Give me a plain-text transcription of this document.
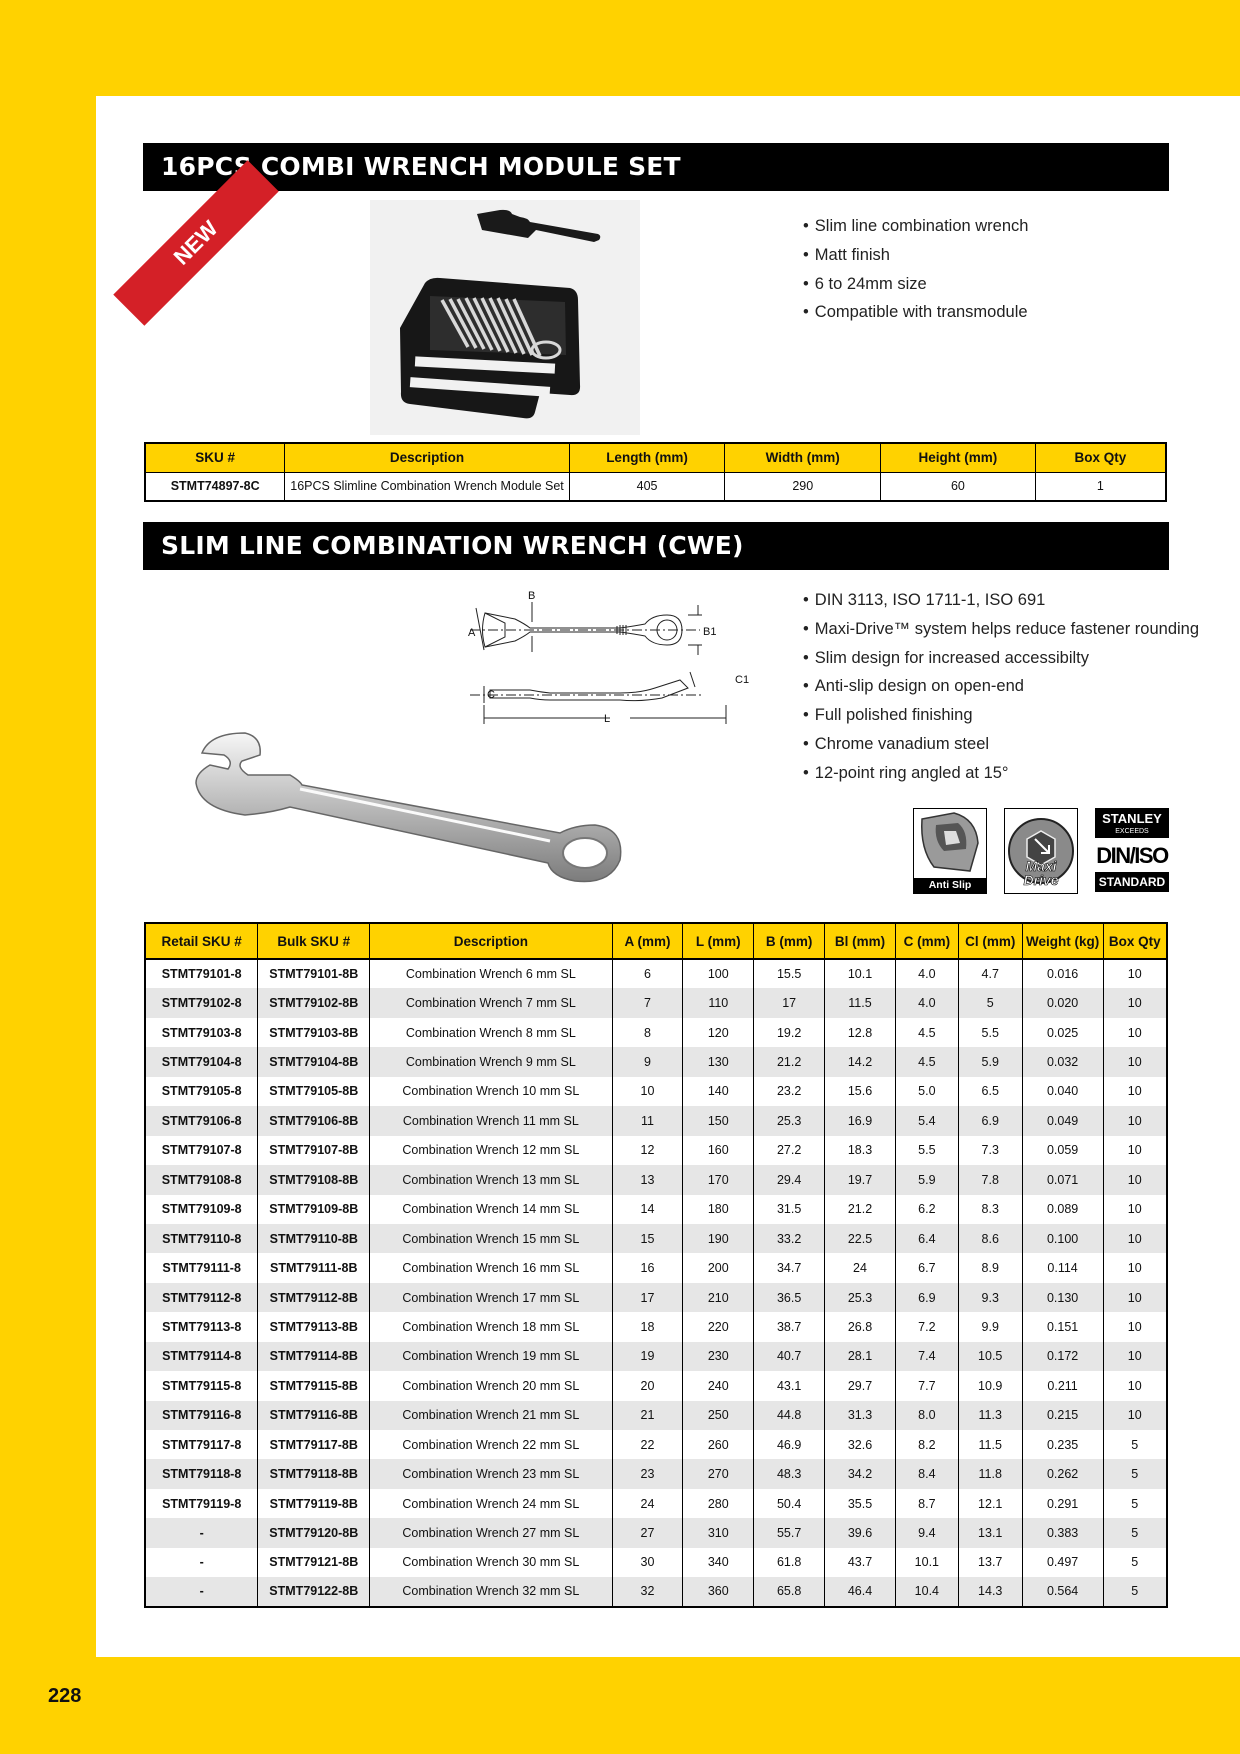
16PCS COMBI WRENCH MODULE SET
NEW	• Slim line combination wrench
• Matt finish
• 6 to 24mm size
• Compatible with transmodule
SKU #	Description	Length (mm)	Width (mm)	Height (mm)	Box Qty
STMT74897-8C	16PCS Slimline Combination Wrench Module Set	405	290	60	1
SLIM LINE COMBINATION WRENCH (CWE)
B
A	B1
C
C1
L
• DIN 3113, ISO 1711-1, ISO 691
• Maxi-Drive™ system helps reduce fastener rounding
• Slim design for increased accessibilty
• Anti-slip design on open-end
• Full polished finishing
• Chrome vanadium steel
• 12-point ring angled at 15°
Anti Slip
Maxi
Drive
STANLEY
EXCEEDS
DIN/ISO
STANDARD
Retail SKU #	Bulk SKU #	Description	A (mm)	L (mm)	B (mm)	Bl (mm)	C (mm)	Cl (mm)	Weight (kg)	Box Qty
STMT79101-8	STMT79101-8B	Combination Wrench 6 mm SL	6	100	15.5	10.1	4.0	4.7	0.016	10
STMT79102-8	STMT79102-8B	Combination Wrench 7 mm SL	7	110	17	11.5	4.0	5	0.020	10
STMT79103-8	STMT79103-8B	Combination Wrench 8 mm SL	8	120	19.2	12.8	4.5	5.5	0.025	10
STMT79104-8	STMT79104-8B	Combination Wrench 9 mm SL	9	130	21.2	14.2	4.5	5.9	0.032	10
STMT79105-8	STMT79105-8B	Combination Wrench 10 mm SL	10	140	23.2	15.6	5.0	6.5	0.040	10
STMT79106-8	STMT79106-8B	Combination Wrench 11 mm SL	11	150	25.3	16.9	5.4	6.9	0.049	10
STMT79107-8	STMT79107-8B	Combination Wrench 12 mm SL	12	160	27.2	18.3	5.5	7.3	0.059	10
STMT79108-8	STMT79108-8B	Combination Wrench 13 mm SL	13	170	29.4	19.7	5.9	7.8	0.071	10
STMT79109-8	STMT79109-8B	Combination Wrench 14 mm SL	14	180	31.5	21.2	6.2	8.3	0.089	10
STMT79110-8	STMT79110-8B	Combination Wrench 15 mm SL	15	190	33.2	22.5	6.4	8.6	0.100	10
STMT79111-8	STMT79111-8B	Combination Wrench 16 mm SL	16	200	34.7	24	6.7	8.9	0.114	10
STMT79112-8	STMT79112-8B	Combination Wrench 17 mm SL	17	210	36.5	25.3	6.9	9.3	0.130	10
STMT79113-8	STMT79113-8B	Combination Wrench 18 mm SL	18	220	38.7	26.8	7.2	9.9	0.151	10
STMT79114-8	STMT79114-8B	Combination Wrench 19 mm SL	19	230	40.7	28.1	7.4	10.5	0.172	10
STMT79115-8	STMT79115-8B	Combination Wrench 20 mm SL	20	240	43.1	29.7	7.7	10.9	0.211	10
STMT79116-8	STMT79116-8B	Combination Wrench 21 mm SL	21	250	44.8	31.3	8.0	11.3	0.215	10
STMT79117-8	STMT79117-8B	Combination Wrench 22 mm SL	22	260	46.9	32.6	8.2	11.5	0.235	5
STMT79118-8	STMT79118-8B	Combination Wrench 23 mm SL	23	270	48.3	34.2	8.4	11.8	0.262	5
STMT79119-8	STMT79119-8B	Combination Wrench 24 mm SL	24	280	50.4	35.5	8.7	12.1	0.291	5
-	STMT79120-8B	Combination Wrench 27 mm SL	27	310	55.7	39.6	9.4	13.1	0.383	5
-	STMT79121-8B	Combination Wrench 30 mm SL	30	340	61.8	43.7	10.1	13.7	0.497	5
-	STMT79122-8B	Combination Wrench 32 mm SL	32	360	65.8	46.4	10.4	14.3	0.564	5
228
